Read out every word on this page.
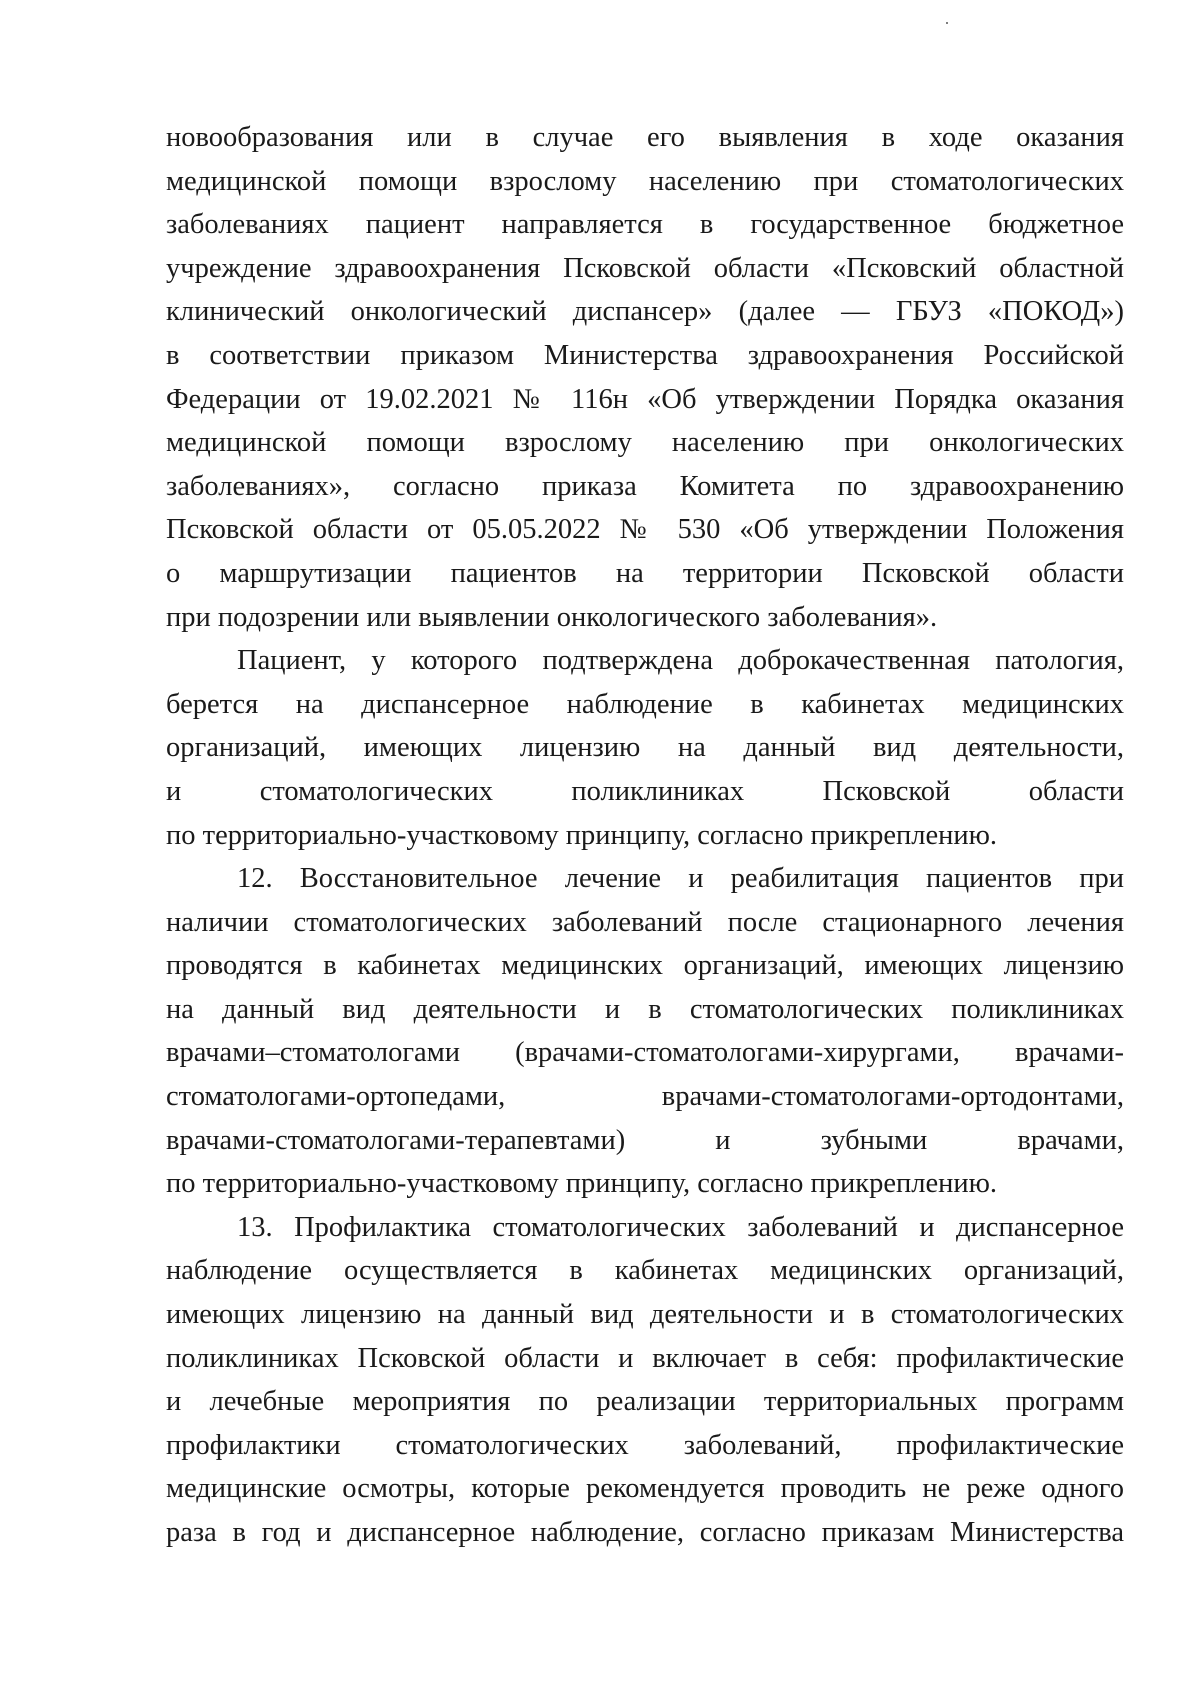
новообразования или в случае его выявления в ходе оказания
медицинской помощи взрослому населению при стоматологических
заболеваниях пациент направляется в государственное бюджетное
учреждение здравоохранения Псковской области «Псковский областной
клинический онкологический диспансер» (далее — ГБУЗ «ПОКОД»)
в соответствии приказом Министерства здравоохранения Российской
Федерации от 19.02.2021 № 116н «Об утверждении Порядка оказания
медицинской помощи взрослому населению при онкологических
заболеваниях», согласно приказа Комитета по здравоохранению
Псковской области от 05.05.2022 № 530 «Об утверждении Положения
о маршрутизации пациентов на территории Псковской области
при подозрении или выявлении онкологического заболевания».
Пациент, у которого подтверждена доброкачественная патология,
берется на диспансерное наблюдение в кабинетах медицинских
организаций, имеющих лицензию на данный вид деятельности,
и стоматологических поликлиниках Псковской области
по территориально-участковому принципу, согласно прикреплению.
12. Восстановительное лечение и реабилитация пациентов при
наличии стоматологических заболеваний после стационарного лечения
проводятся в кабинетах медицинских организаций, имеющих лицензию
на данный вид деятельности и в стоматологических поликлиниках
врачами–стоматологами (врачами-стоматологами-хирургами, врачами-
стоматологами-ортопедами, врачами-стоматологами-ортодонтами,
врачами-стоматологами-терапевтами) и зубными врачами,
по территориально-участковому принципу, согласно прикреплению.
13. Профилактика стоматологических заболеваний и диспансерное
наблюдение осуществляется в кабинетах медицинских организаций,
имеющих лицензию на данный вид деятельности и в стоматологических
поликлиниках Псковской области и включает в себя: профилактические
и лечебные мероприятия по реализации территориальных программ
профилактики стоматологических заболеваний, профилактические
медицинские осмотры, которые рекомендуется проводить не реже одного
раза в год и диспансерное наблюдение, согласно приказам Министерства
